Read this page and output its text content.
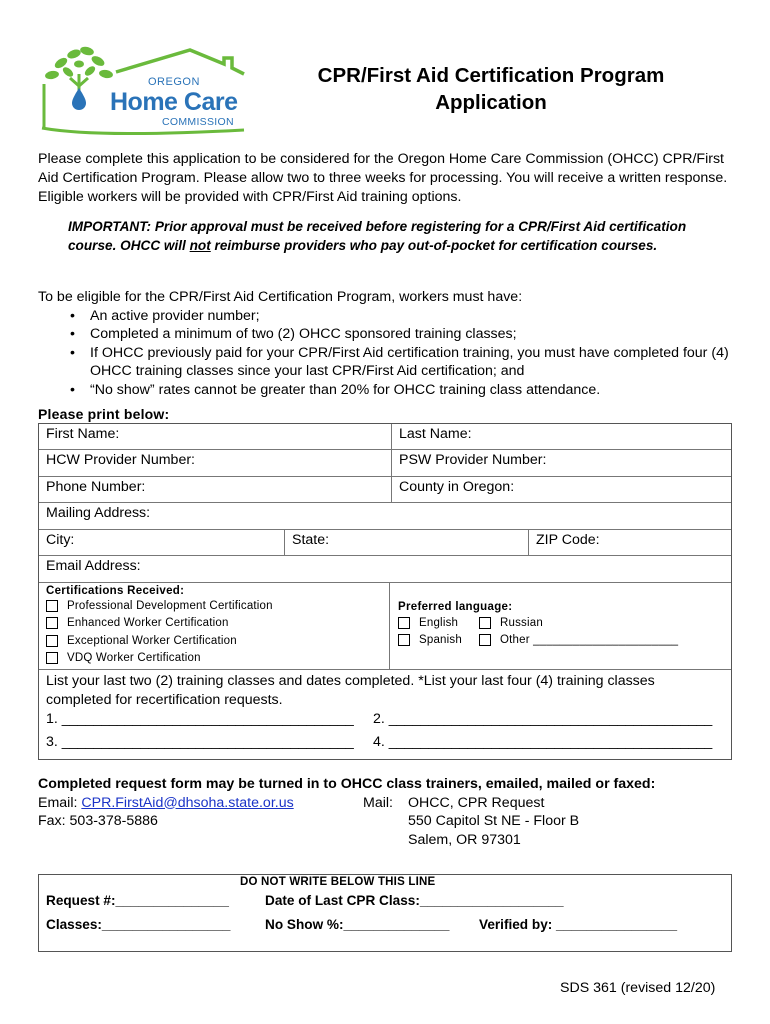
OREGON
Home Care
COMMISSION
CPR/First Aid Certification Program
Application
Please complete this application to be considered for the Oregon Home Care Commission (OHCC) CPR/First Aid Certification Program. Please allow two to three weeks for processing. You will receive a written response. Eligible workers will be provided with CPR/First Aid training options.
IMPORTANT: Prior approval must be received before registering for a CPR/First Aid certification course. OHCC will not reimburse providers who pay out-of-pocket for certification courses.
To be eligible for the CPR/First Aid Certification Program, workers must have:
• An active provider number;
• Completed a minimum of two (2) OHCC sponsored training classes;
• If OHCC previously paid for your CPR/First Aid certification training, you must have completed four (4) OHCC training classes since your last CPR/First Aid certification; and
• “No show” rates cannot be greater than 20% for OHCC training class attendance.
Please print below:
First Name:	Last Name:
HCW Provider Number:	PSW Provider Number:
Phone Number:	County in Oregon:
Mailing Address:
City:	State:	ZIP Code:
Email Address:
Certifications Received:
Professional Development Certification
Enhanced Worker Certification
Exceptional Worker Certification
VDQ Worker Certification
Preferred language:
English	Russian
Spanish	Other ______________________
List your last two (2) training classes and dates completed. *List your last four (4) training classes completed for recertification requests.
1. _____________________________________	2. _________________________________________
3. _____________________________________	4. _________________________________________
Completed request form may be turned in to OHCC class trainers, emailed, mailed or faxed:
Email: CPR.FirstAid@dhsoha.state.or.us
Fax: 503-378-5886
Mail:	OHCC, CPR Request
550 Capitol St NE - Floor B
Salem, OR 97301
DO NOT WRITE BELOW THIS LINE
Request #:_______________	Date of Last CPR Class:___________________
Classes:_________________	No Show %:______________ Verified by: ________________
SDS 361 (revised 12/20)
